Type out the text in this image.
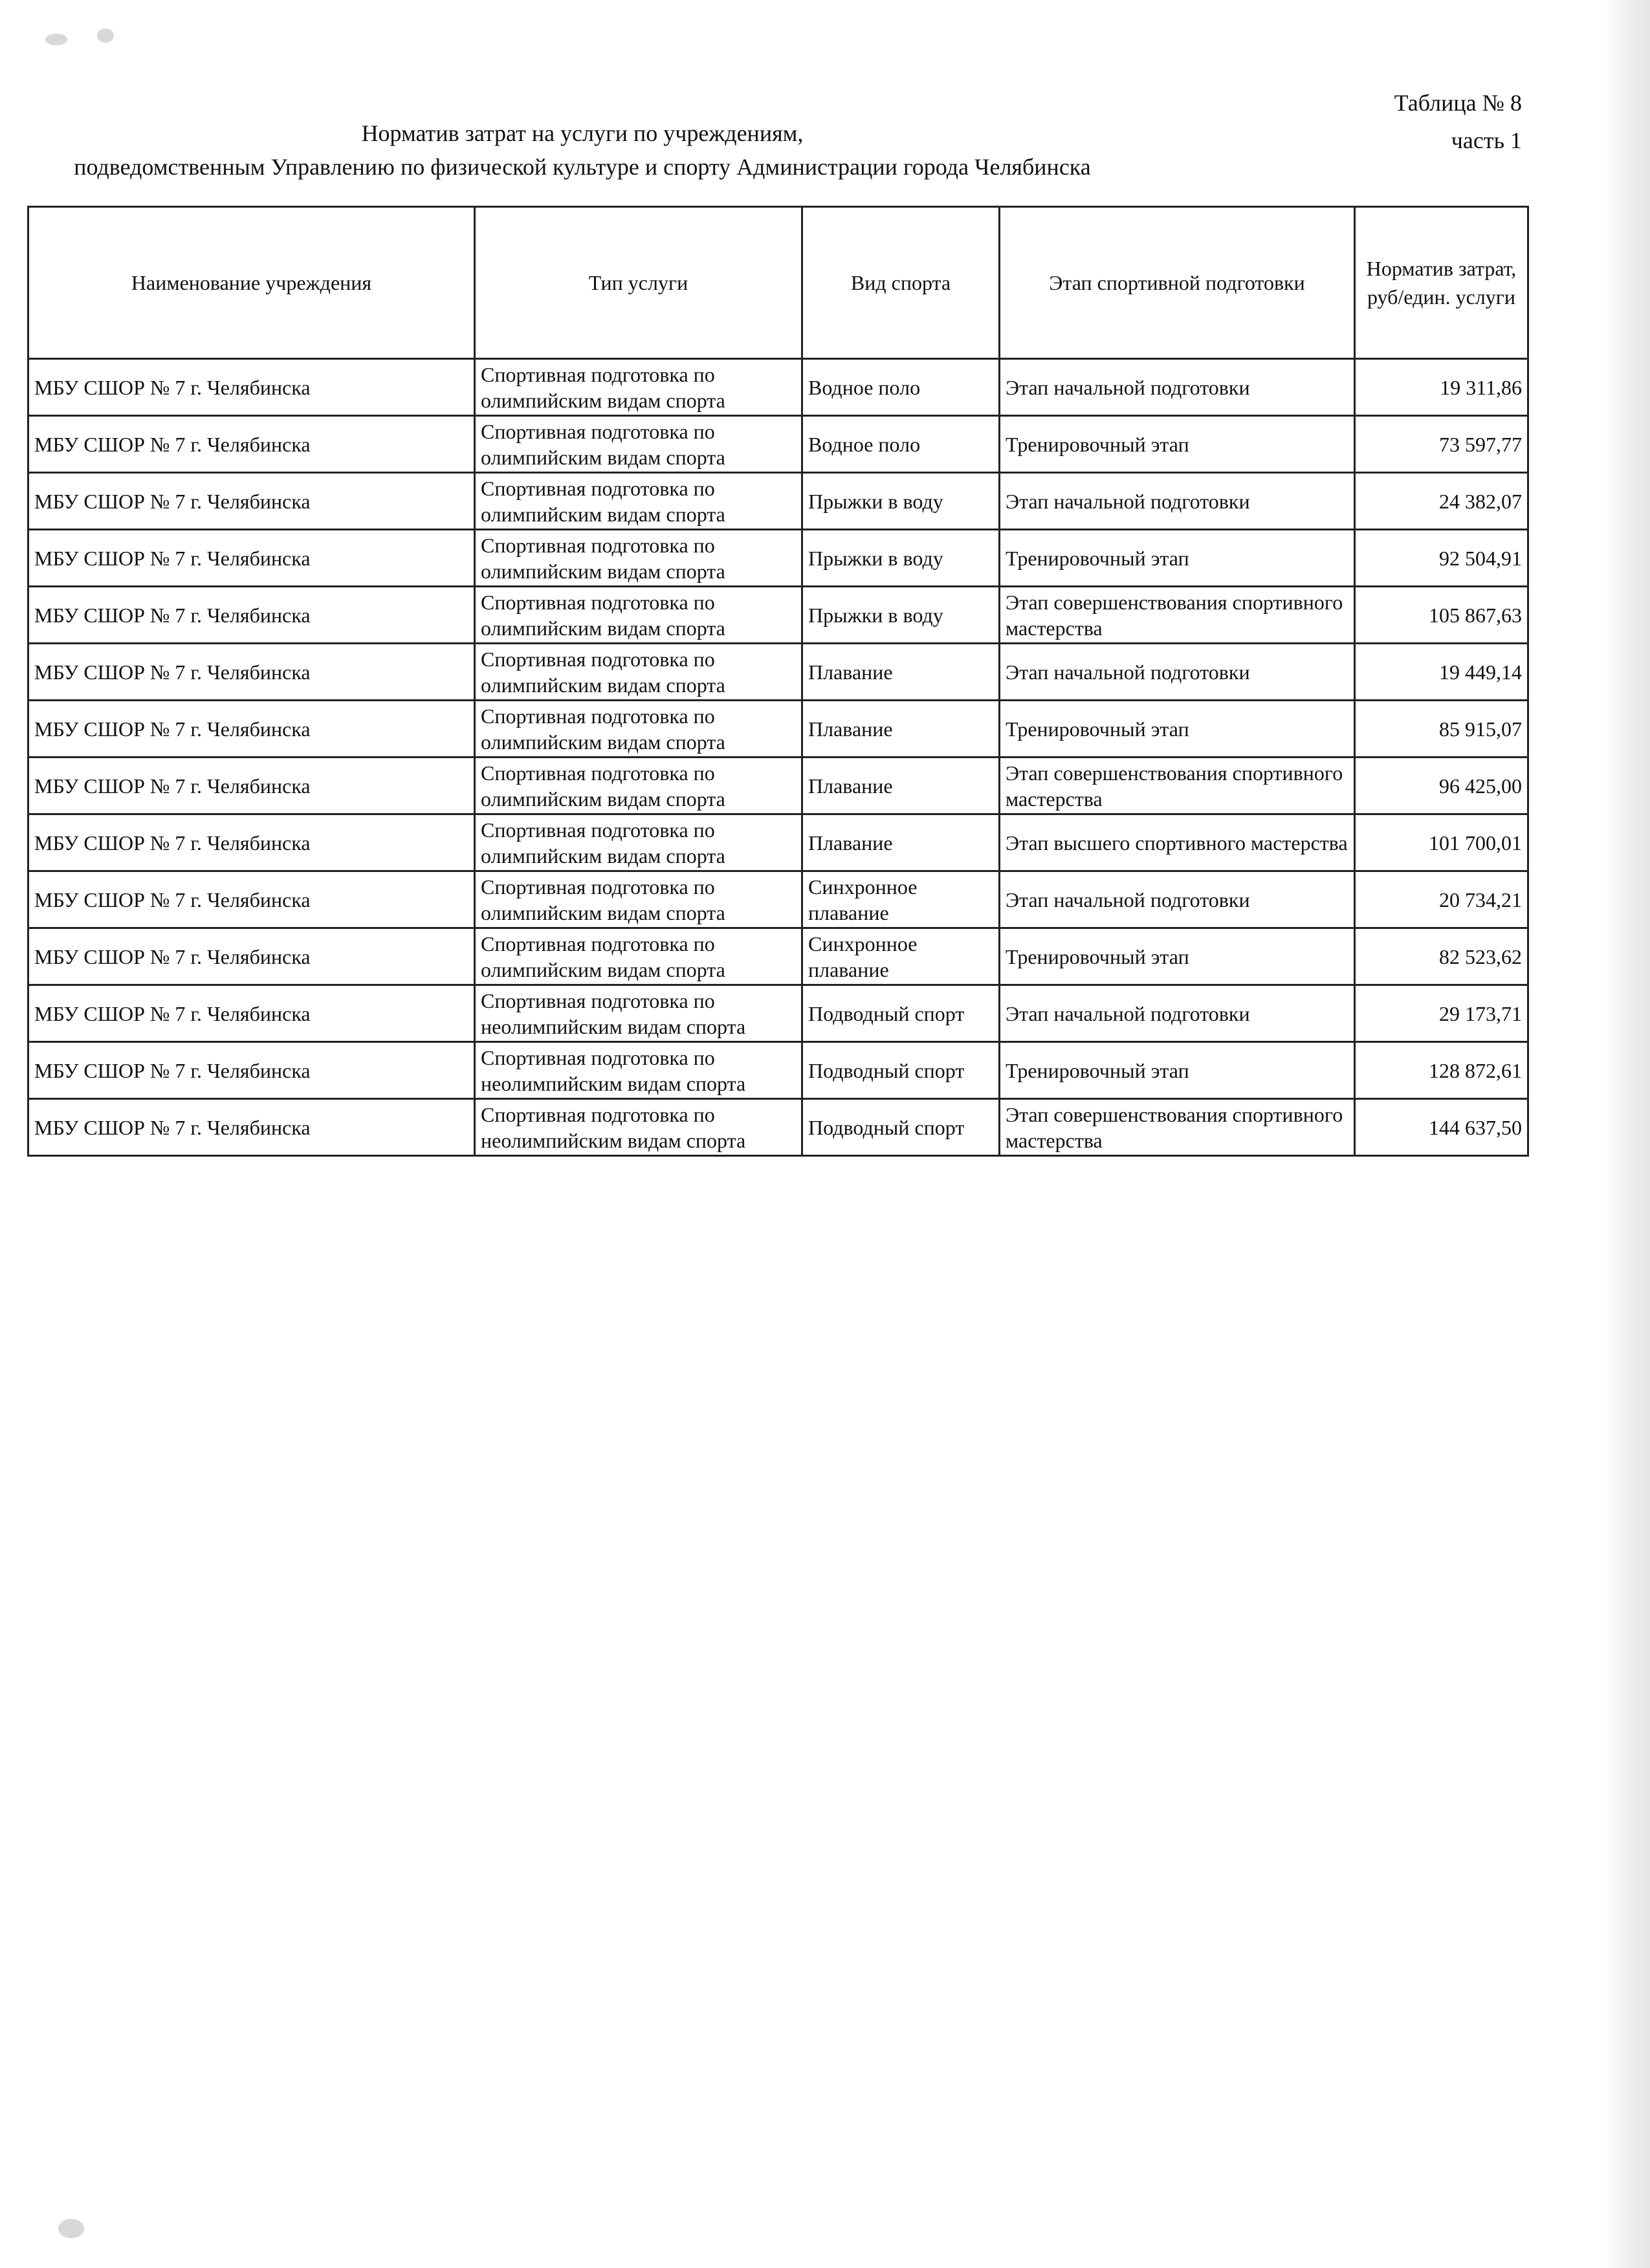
Таблица № 8
часть 1
Норматив затрат на услуги по учреждениям,
подведомственным Управлению по физической культуре и спорту Администрации города Челябинска
Наименование учреждения	Тип услуги	Вид спорта	Этап спортивной подготовки	Норматив затрат, руб/един. услуги
МБУ СШОР № 7 г. Челябинска	Спортивная подготовка по олимпийским видам спорта	Водное поло	Этап начальной подготовки	19 311,86
МБУ СШОР № 7 г. Челябинска	Спортивная подготовка по олимпийским видам спорта	Водное поло	Тренировочный этап	73 597,77
МБУ СШОР № 7 г. Челябинска	Спортивная подготовка по олимпийским видам спорта	Прыжки в воду	Этап начальной подготовки	24 382,07
МБУ СШОР № 7 г. Челябинска	Спортивная подготовка по олимпийским видам спорта	Прыжки в воду	Тренировочный этап	92 504,91
МБУ СШОР № 7 г. Челябинска	Спортивная подготовка по олимпийским видам спорта	Прыжки в воду	Этап совершенствования спортивного мастерства	105 867,63
МБУ СШОР № 7 г. Челябинска	Спортивная подготовка по олимпийским видам спорта	Плавание	Этап начальной подготовки	19 449,14
МБУ СШОР № 7 г. Челябинска	Спортивная подготовка по олимпийским видам спорта	Плавание	Тренировочный этап	85 915,07
МБУ СШОР № 7 г. Челябинска	Спортивная подготовка по олимпийским видам спорта	Плавание	Этап совершенствования спортивного мастерства	96 425,00
МБУ СШОР № 7 г. Челябинска	Спортивная подготовка по олимпийским видам спорта	Плавание	Этап высшего спортивного мастерства	101 700,01
МБУ СШОР № 7 г. Челябинска	Спортивная подготовка по олимпийским видам спорта	Синхронное плавание	Этап начальной подготовки	20 734,21
МБУ СШОР № 7 г. Челябинска	Спортивная подготовка по олимпийским видам спорта	Синхронное плавание	Тренировочный этап	82 523,62
МБУ СШОР № 7 г. Челябинска	Спортивная подготовка по неолимпийским видам спорта	Подводный спорт	Этап начальной подготовки	29 173,71
МБУ СШОР № 7 г. Челябинска	Спортивная подготовка по неолимпийским видам спорта	Подводный спорт	Тренировочный этап	128 872,61
МБУ СШОР № 7 г. Челябинска	Спортивная подготовка по неолимпийским видам спорта	Подводный спорт	Этап совершенствования спортивного мастерства	144 637,50
